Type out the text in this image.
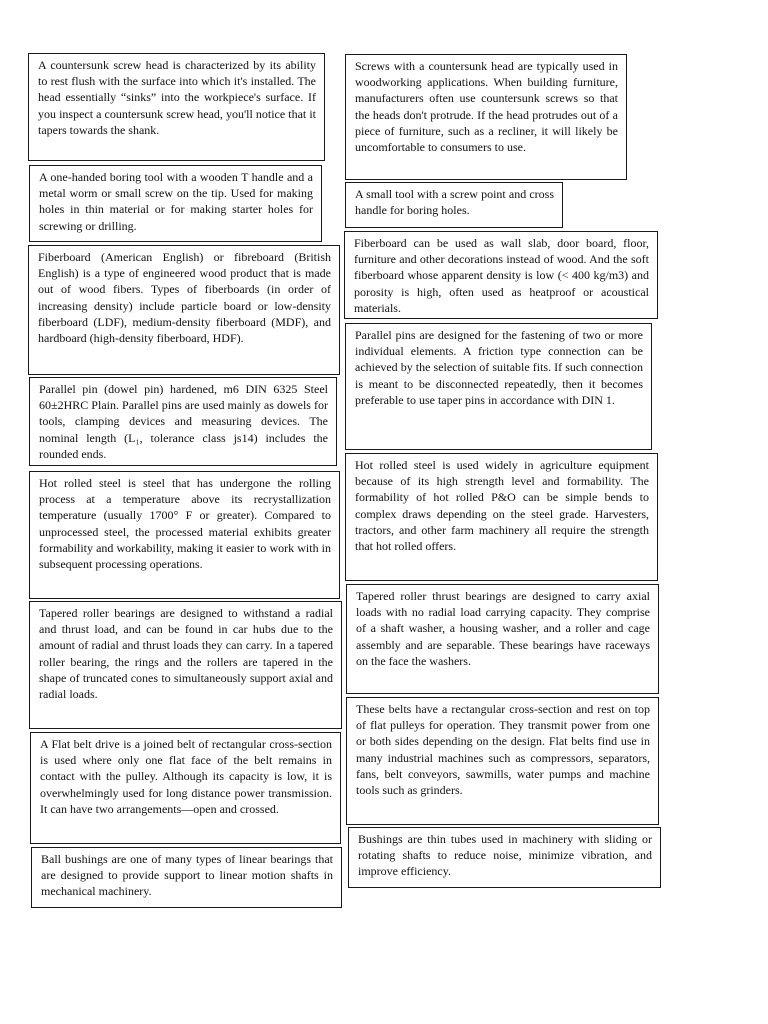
A countersunk screw head is characterized by its ability to rest flush with the surface into which it's installed. The head essentially “sinks” into the workpiece's surface. If you inspect a countersunk screw head, you'll notice that it tapers towards the shank.
A one-handed boring tool with a wooden T handle and a metal worm or small screw on the tip. Used for making holes in thin material or for making starter holes for screwing or drilling.
Fiberboard (American English) or fibreboard (British English) is a type of engineered wood product that is made out of wood fibers. Types of fiberboards (in order of increasing density) include particle board or low-density fiberboard (LDF), medium-density fiberboard (MDF), and hardboard (high-density fiberboard, HDF).
Parallel pin (dowel pin) hardened, m6 DIN 6325 Steel 60±2HRC Plain. Parallel pins are used mainly as dowels for tools, clamping devices and measuring devices. The nominal length (L₁, tolerance class js14) includes the rounded ends.
Hot rolled steel is steel that has undergone the rolling process at a temperature above its recrystallization temperature (usually 1700° F or greater). Compared to unprocessed steel, the processed material exhibits greater formability and workability, making it easier to work with in subsequent processing operations.
Tapered roller bearings are designed to withstand a radial and thrust load, and can be found in car hubs due to the amount of radial and thrust loads they can carry. In a tapered roller bearing, the rings and the rollers are tapered in the shape of truncated cones to simultaneously support axial and radial loads.
A Flat belt drive is a joined belt of rectangular cross-section is used where only one flat face of the belt remains in contact with the pulley. Although its capacity is low, it is overwhelmingly used for long distance power transmission. It can have two arrangements—open and crossed.
Ball bushings are one of many types of linear bearings that are designed to provide support to linear motion shafts in mechanical machinery.
Screws with a countersunk head are typically used in woodworking applications. When building furniture, manufacturers often use countersunk screws so that the heads don't protrude. If the head protrudes out of a piece of furniture, such as a recliner, it will likely be uncomfortable to consumers to use.
A small tool with a screw point and cross handle for boring holes.
Fiberboard can be used as wall slab, door board, floor, furniture and other decorations instead of wood. And the soft fiberboard whose apparent density is low (< 400 kg/m3) and porosity is high, often used as heatproof or acoustical materials.
Parallel pins are designed for the fastening of two or more individual elements. A friction type connection can be achieved by the selection of suitable fits. If such connection is meant to be disconnected repeatedly, then it becomes preferable to use taper pins in accordance with DIN 1.
Hot rolled steel is used widely in agriculture equipment because of its high strength level and formability. The formability of hot rolled P&O can be simple bends to complex draws depending on the steel grade. Harvesters, tractors, and other farm machinery all require the strength that hot rolled offers.
Tapered roller thrust bearings are designed to carry axial loads with no radial load carrying capacity. They comprise of a shaft washer, a housing washer, and a roller and cage assembly and are separable. These bearings have raceways on the face the washers.
These belts have a rectangular cross-section and rest on top of flat pulleys for operation. They transmit power from one or both sides depending on the design. Flat belts find use in many industrial machines such as compressors, separators, fans, belt conveyors, sawmills, water pumps and machine tools such as grinders.
Bushings are thin tubes used in machinery with sliding or rotating shafts to reduce noise, minimize vibration, and improve efficiency.
